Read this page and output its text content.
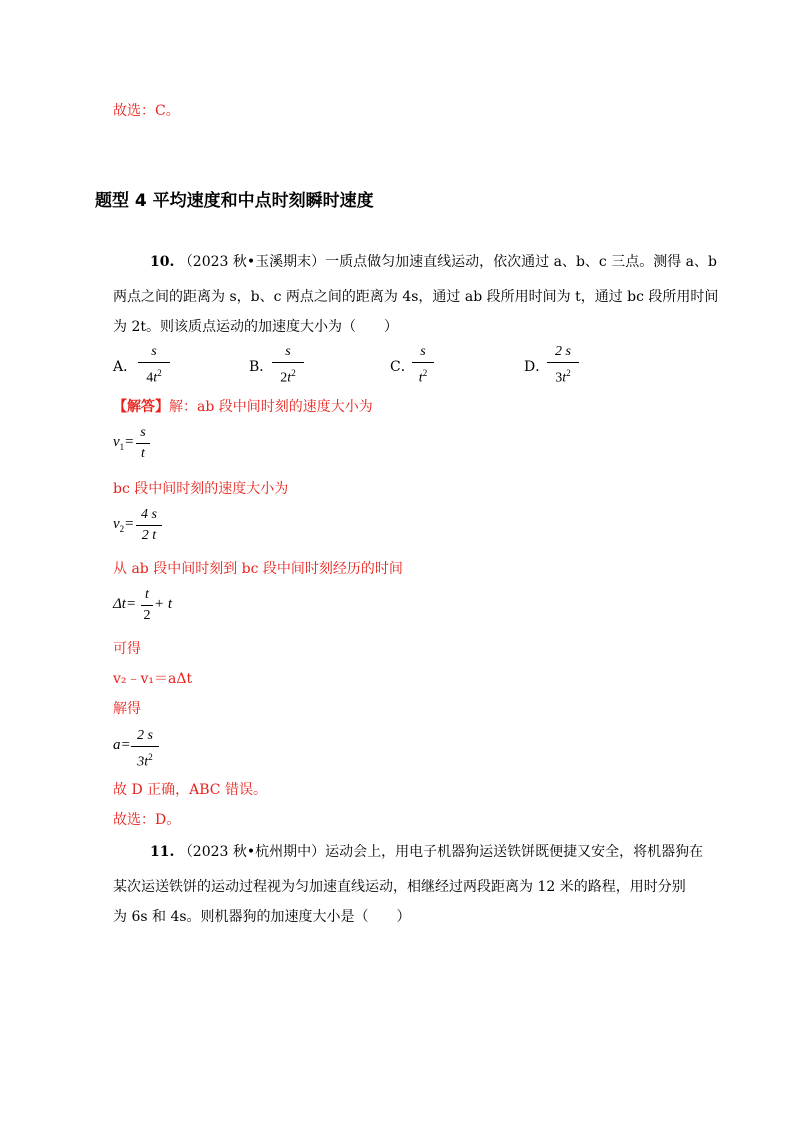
故选：C。
题型 4 平均速度和中点时刻瞬时速度
10. （2023 秋•玉溪期末）一质点做匀加速直线运动，依次通过 a、b、c 三点。测得 a、b
两点之间的距离为 s，b、c 两点之间的距离为 4s，通过 ab 段所用时间为 t，通过 bc 段所用时间
为 2t。则该质点运动的加速度大小为（　　）
A．
s
$4t^2$	B．
s
$2t^2$	C．
s
$t^2$	D．
2 s
$3t^2$
【解答】解：ab 段中间时刻的速度大小为
$v_1=$
s
t
bc 段中间时刻的速度大小为
$v_2=$
4 s
2 t
从 ab 段中间时刻到 bc 段中间时刻经历的时间
Δt=
t
2
+ t
可得
v₂﹣v₁＝aΔt
解得
a=
2 s
$3t^2$
故 D 正确，ABC 错误。
故选：D。
11. （2023 秋•杭州期中）运动会上，用电子机器狗运送铁饼既便捷又安全，将机器狗在
某次运送铁饼的运动过程视为匀加速直线运动，相继经过两段距离为 12 米的路程，用时分别
为 6s 和 4s。则机器狗的加速度大小是（　　）
